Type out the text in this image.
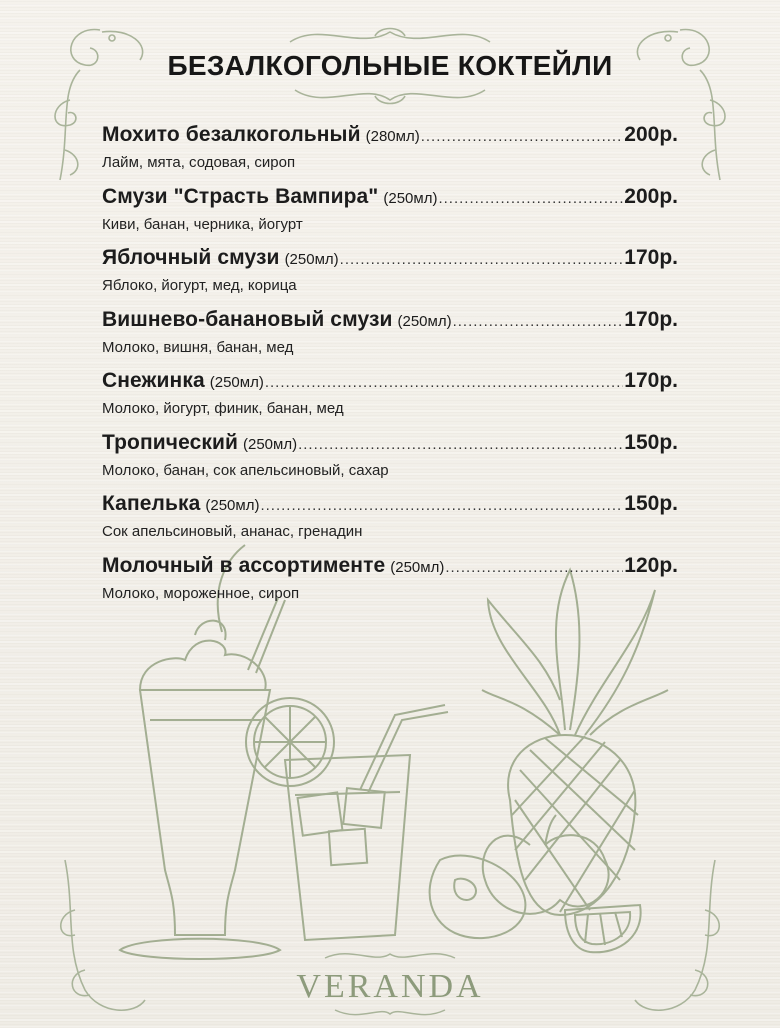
БЕЗАЛКОГОЛЬНЫЕ КОКТЕЙЛИ
Мохито безалкогольный (280мл) .....	200р.
Лайм, мята, содовая, сироп
Смузи "Страсть Вампира" (250мл) .....	200р.
Киви, банан, черника, йогурт
Яблочный смузи (250мл) .....	170р.
Яблоко, йогурт, мед, корица
Вишнево-банановый смузи (250мл) .....	170р.
Молоко, вишня, банан, мед
Снежинка (250мл) .....	170р.
Молоко, йогурт, финик, банан, мед
Тропический (250мл) .....	150р.
Молоко, банан, сок апельсиновый, сахар
Капелька (250мл) .....	150р.
Сок апельсиновый, ананас, гренадин
Молочный в ассортименте (250мл) .....	120р.
Молоко, мороженное, сироп
VERANDA
